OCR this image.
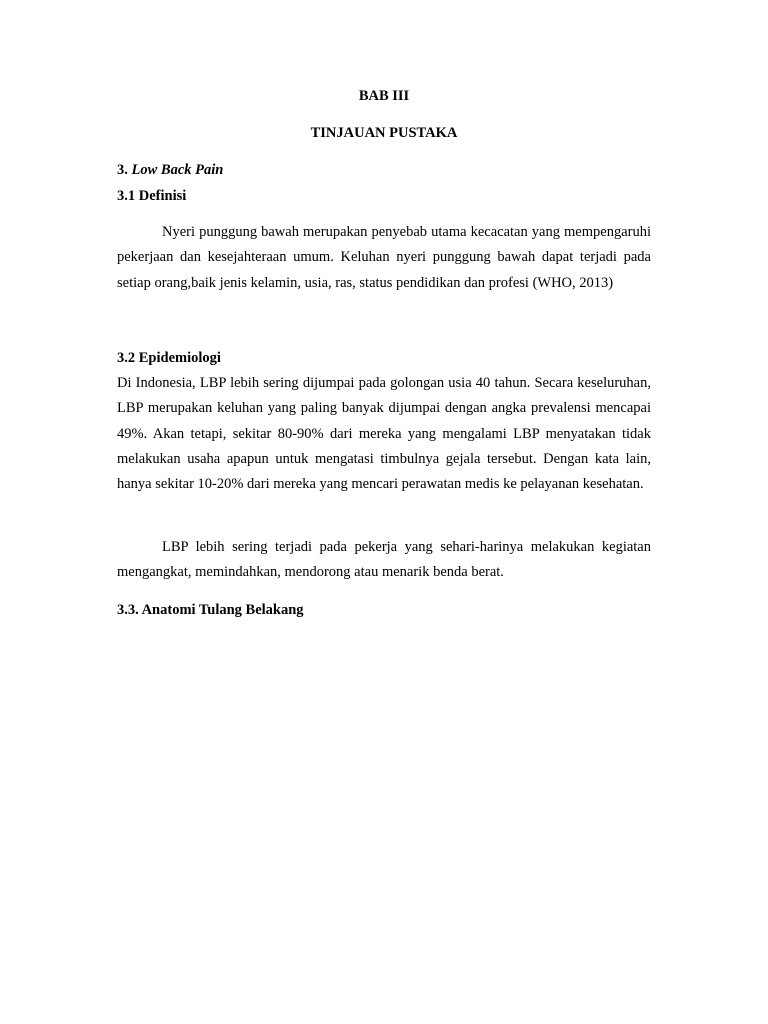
BAB III
TINJAUAN PUSTAKA
3. Low Back Pain
3.1 Definisi
Nyeri punggung bawah merupakan penyebab utama kecacatan yang mempengaruhi pekerjaan dan kesejahteraan umum. Keluhan nyeri punggung bawah dapat terjadi pada setiap orang,baik jenis kelamin, usia, ras, status pendidikan dan profesi (WHO, 2013)
3.2 Epidemiologi
Di Indonesia, LBP lebih sering dijumpai pada golongan usia 40 tahun. Secara keseluruhan, LBP merupakan keluhan yang paling banyak dijumpai dengan angka prevalensi mencapai 49%. Akan tetapi, sekitar 80-90% dari mereka yang mengalami LBP menyatakan tidak melakukan usaha apapun untuk mengatasi timbulnya gejala tersebut. Dengan kata lain, hanya sekitar 10-20% dari mereka yang mencari perawatan medis ke pelayanan kesehatan.
LBP lebih sering terjadi pada pekerja yang sehari-harinya melakukan kegiatan mengangkat, memindahkan, mendorong atau menarik benda berat.
3.3. Anatomi Tulang Belakang
